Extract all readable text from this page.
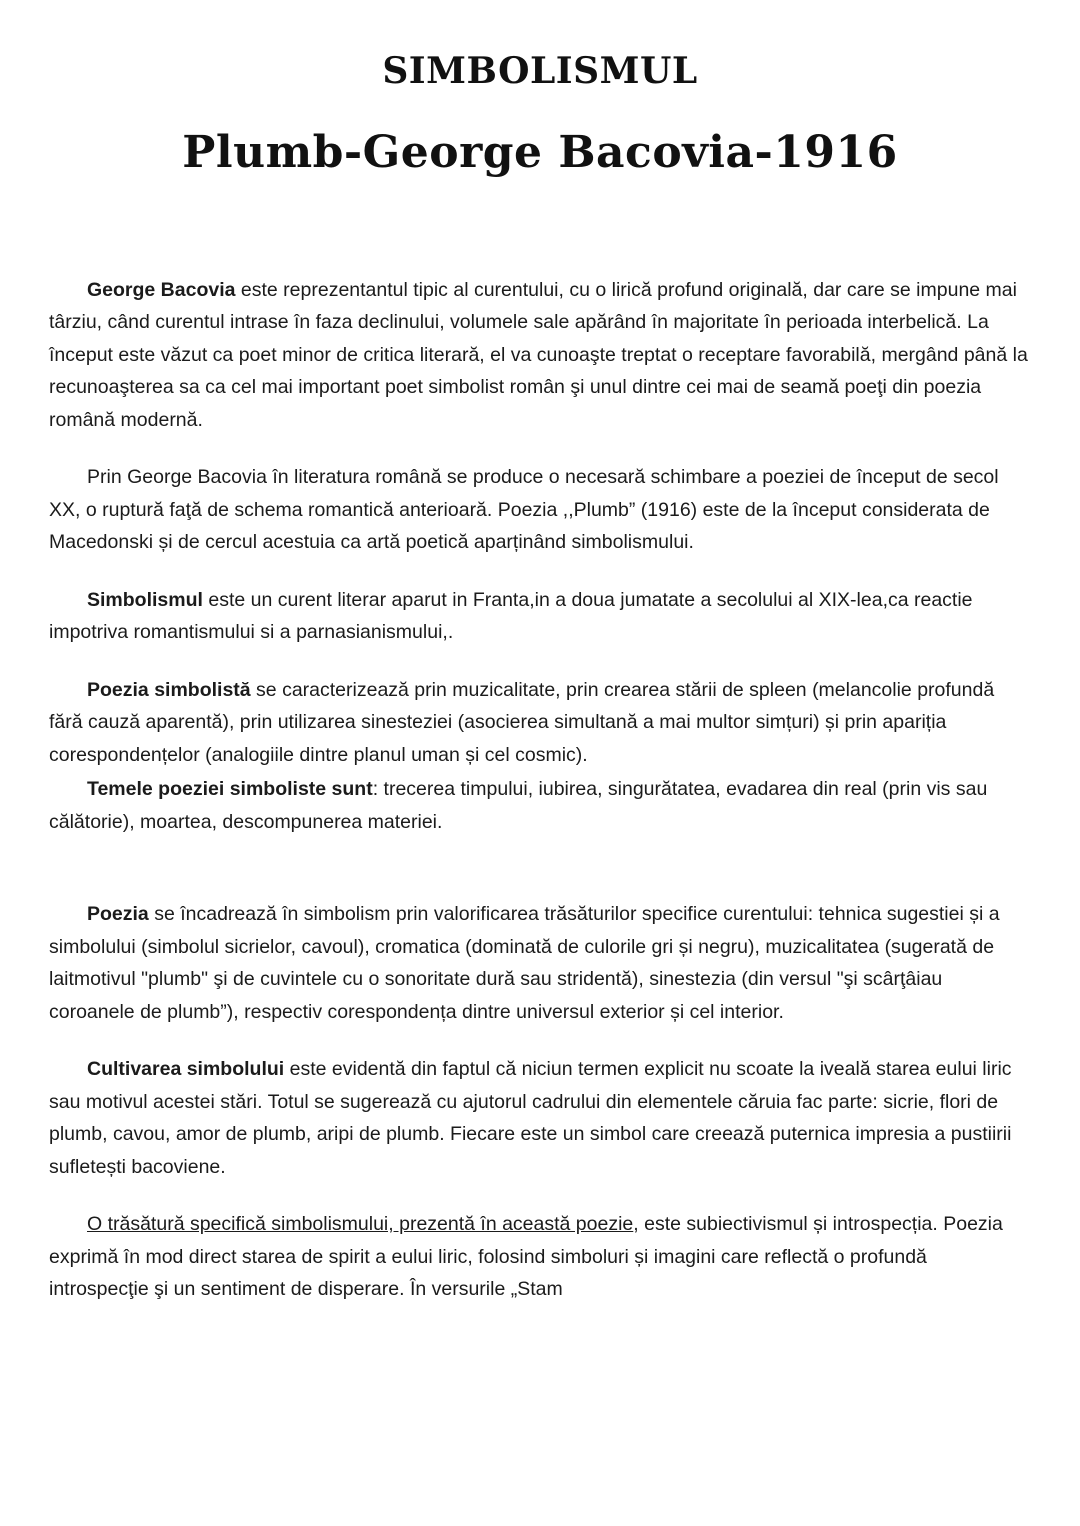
SIMBOLISMUL
Plumb-George Bacovia-1916

George Bacovia este reprezentantul tipic al curentului, cu o lirică profund originală, dar care se impune mai târziu, când curentul intrase în faza declinului, volumele sale apărând în majoritate în perioada interbelică. La început este văzut ca poet minor de critica literară, el va cunoaşte treptat o receptare favorabilă, mergând până la recunoaşterea sa ca cel mai important poet simbolist român şi unul dintre cei mai de seamă poeţi din poezia română modernă.

Prin George Bacovia în literatura română se produce o necesară schimbare a poeziei de început de secol XX, o ruptură faţă de schema romantică anterioară. Poezia ,,Plumb” (1916) este de la început considerata de Macedonski și de cercul acestuia ca artă poetică aparținând simbolismului.

Simbolismul este un curent literar aparut in Franta,in a doua jumatate a secolului al XIX-lea,ca reactie impotriva romantismului si a parnasianismului,.

Poezia simbolistă se caracterizează prin muzicalitate, prin crearea stării de spleen (melancolie profundă fără cauză aparentă), prin utilizarea sinesteziei (asocierea simultană a mai multor simțuri) și prin apariția corespondențelor (analogiile dintre planul uman și cel cosmic).

Temele poeziei simboliste sunt: trecerea timpului, iubirea, singurătatea, evadarea din real (prin vis sau călătorie), moartea, descompunerea materiei.

Poezia se încadrează în simbolism prin valorificarea trăsăturilor specifice curentului: tehnica sugestiei și a simbolului (simbolul sicrielor, cavoul), cromatica (dominată de culorile gri și negru), muzicalitatea (sugerată de laitmotivul "plumb" şi de cuvintele cu o sonoritate dură sau stridentă), sinestezia (din versul "şi scârţâiau coroanele de plumb”), respectiv corespondența dintre universul exterior și cel interior.

Cultivarea simbolului este evidentă din faptul că niciun termen explicit nu scoate la iveală starea eului liric sau motivul acestei stări. Totul se sugerează cu ajutorul cadrului din elementele căruia fac parte: sicrie, flori de plumb, cavou, amor de plumb, aripi de plumb. Fiecare este un simbol care creează puternica impresia a pustiirii sufletești bacoviene.

O trăsătură specifică simbolismului, prezentă în această poezie, este subiectivismul și introspecția. Poezia exprimă în mod direct starea de spirit a eului liric, folosind simboluri și imagini care reflectă o profundă introspecţie şi un sentiment de disperare. În versurile „Stam
